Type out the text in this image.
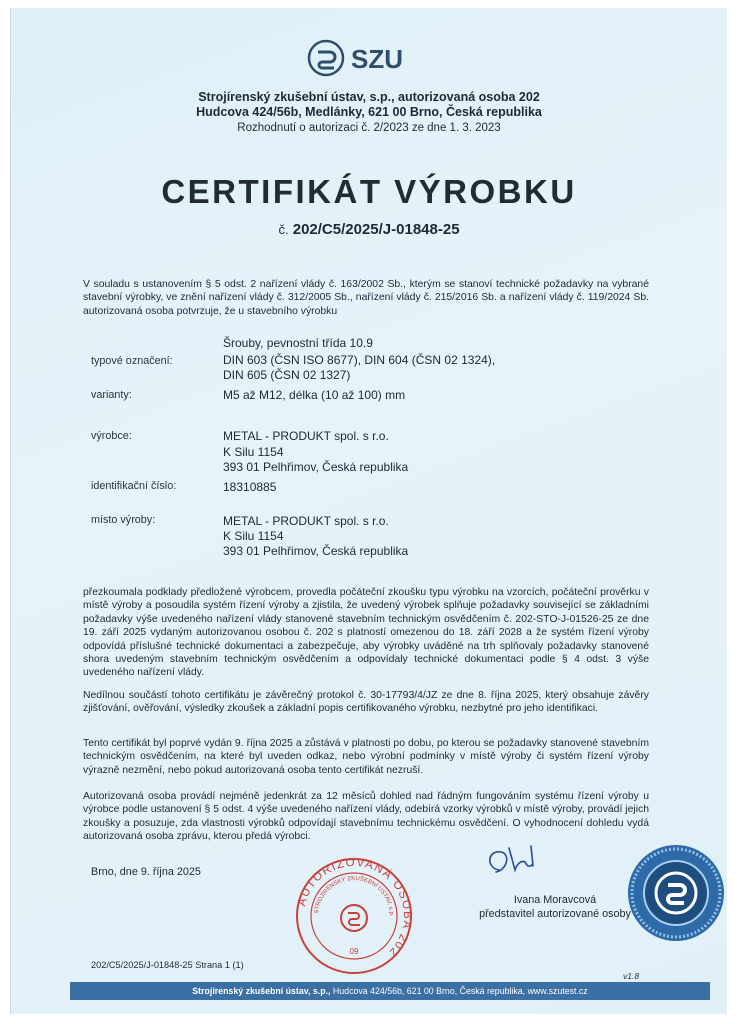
SZU
Strojírenský zkušební ústav, s.p., autorizovaná osoba 202
Hudcova 424/56b, Medlánky, 621 00 Brno, Česká republika
Rozhodnutí o autorizaci č. 2/2023 ze dne 1. 3. 2023
CERTIFIKÁT VÝROBKU
č. 202/C5/2025/J-01848-25
V souladu s ustanovením § 5 odst. 2 nařízení vlády č. 163/2002 Sb., kterým se stanoví technické požadavky na vybrané stavební výrobky, ve znění nařízení vlády č. 312/2005 Sb., nařízení vlády č. 215/2016 Sb. a nařízení vlády č. 119/2024 Sb. autorizovaná osoba potvrzuje, že u stavebního výrobku
Šrouby, pevnostní třída 10.9
typové označení:	DIN 603 (ČSN ISO 8677), DIN 604 (ČSN 02 1324),
DIN 605 (ČSN 02 1327)
varianty:	M5 až M12, délka (10 až 100) mm
výrobce:	METAL - PRODUKT spol. s r.o.
K Silu 1154
393 01 Pelhřimov, Česká republika
identifikační číslo:	18310885
místo výroby:	METAL - PRODUKT spol. s r.o.
K Silu 1154
393 01 Pelhřimov, Česká republika
přezkoumala podklady předložené výrobcem, provedla počáteční zkoušku typu výrobku na vzorcích, počáteční prověrku v místě výroby a posoudila systém řízení výroby a zjistila, že uvedený výrobek splňuje požadavky související se základními požadavky výše uvedeného nařízení vlády stanovené stavebním technickým osvědčením č. 202-STO-J-01526-25 ze dne 19. září 2025 vydaným autorizovanou osobou č. 202 s platností omezenou do 18. září 2028 a že systém řízení výroby odpovídá příslušné technické dokumentaci a zabezpečuje, aby výrobky uváděné na trh splňovaly požadavky stanovené shora uvedeným stavebním technickým osvědčením a odpovídaly technické dokumentaci podle § 4 odst. 3 výše uvedeného nařízení vlády.
Nedílnou součástí tohoto certifikátu je závěrečný protokol č. 30-17793/4/JZ ze dne 8. října 2025, který obsahuje závěry zjišťování, ověřování, výsledky zkoušek a základní popis certifikovaného výrobku, nezbytné pro jeho identifikaci.
Tento certifikát byl poprvé vydán 9. října 2025 a zůstává v platnosti po dobu, po kterou se požadavky stanovené stavebním technickým osvědčením, na které byl uveden odkaz, nebo výrobní podmínky v místě výroby či systém řízení výroby výrazně nezmění, nebo pokud autorizovaná osoba tento certifikát nezruší.
Autorizovaná osoba provádí nejméně jedenkrát za 12 měsíců dohled nad řádným fungováním systému řízení výroby u výrobce podle ustanovení § 5 odst. 4 výše uvedeného nařízení vlády, odebírá vzorky výrobků v místě výroby, provádí jejich zkoušky a posuzuje, zda vlastnosti výrobků odpovídají stavebnímu technickému osvědčení. O vyhodnocení dohledu vydá autorizovaná osoba zprávu, kterou předá výrobci.
Brno, dne 9. října 2025
Ivana Moravcová
představitel autorizované osoby
AUTORIZOVANÁ OSOBA 202
STROJÍRENSKÝ ZKUŠEBNÍ ÚSTAV, s.p.
09
202/C5/2025/J-01848-25 Strana 1 (1)
v1.8
Strojírenský zkušební ústav, s.p., Hudcova 424/56b, 621 00 Brno, Česká republika, www.szutest.cz
